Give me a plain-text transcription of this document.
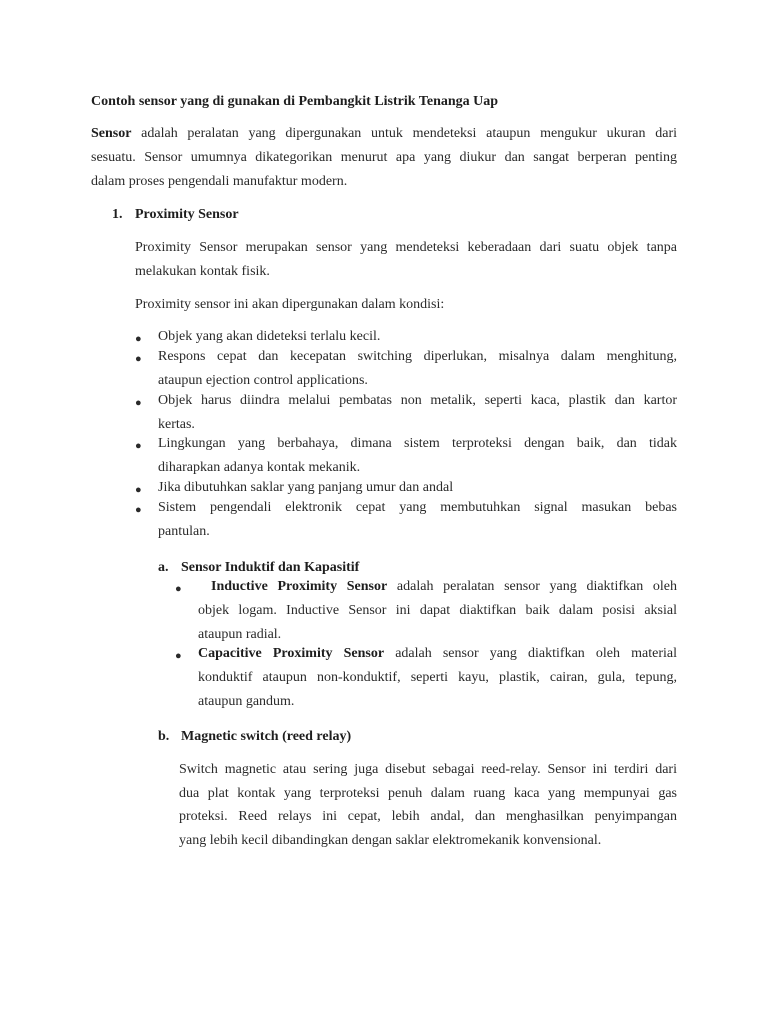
Contoh sensor yang di gunakan di Pembangkit Listrik Tenanga Uap
Sensor adalah peralatan yang dipergunakan untuk mendeteksi ataupun mengukur ukuran dari
sesuatu. Sensor umumnya dikategorikan menurut apa yang diukur dan sangat berperan penting
dalam proses pengendali manufaktur modern.
1. Proximity Sensor
Proximity Sensor merupakan sensor yang mendeteksi keberadaan dari suatu objek tanpa
melakukan kontak fisik.
Proximity sensor ini akan dipergunakan dalam kondisi:
● Objek yang akan dideteksi terlalu kecil.
● Respons cepat dan kecepatan switching diperlukan, misalnya dalam menghitung,
ataupun ejection control applications.
● Objek harus diindra melalui pembatas non metalik, seperti kaca, plastik dan kartor
kertas.
● Lingkungan yang berbahaya, dimana sistem terproteksi dengan baik, dan tidak
diharapkan adanya kontak mekanik.
● Jika dibutuhkan saklar yang panjang umur dan andal
● Sistem pengendali elektronik cepat yang membutuhkan signal masukan bebas
pantulan.
a. Sensor Induktif dan Kapasitif
● Inductive Proximity Sensor adalah peralatan sensor yang diaktifkan oleh
objek logam. Inductive Sensor ini dapat diaktifkan baik dalam posisi aksial
ataupun radial.
● Capacitive Proximity Sensor adalah sensor yang diaktifkan oleh material
konduktif ataupun non-konduktif, seperti kayu, plastik, cairan, gula, tepung,
ataupun gandum.
b. Magnetic switch (reed relay)
Switch magnetic atau sering juga disebut sebagai reed-relay. Sensor ini terdiri dari
dua plat kontak yang terproteksi penuh dalam ruang kaca yang mempunyai gas
proteksi. Reed relays ini cepat, lebih andal, dan menghasilkan penyimpangan
yang lebih kecil dibandingkan dengan saklar elektromekanik konvensional.
